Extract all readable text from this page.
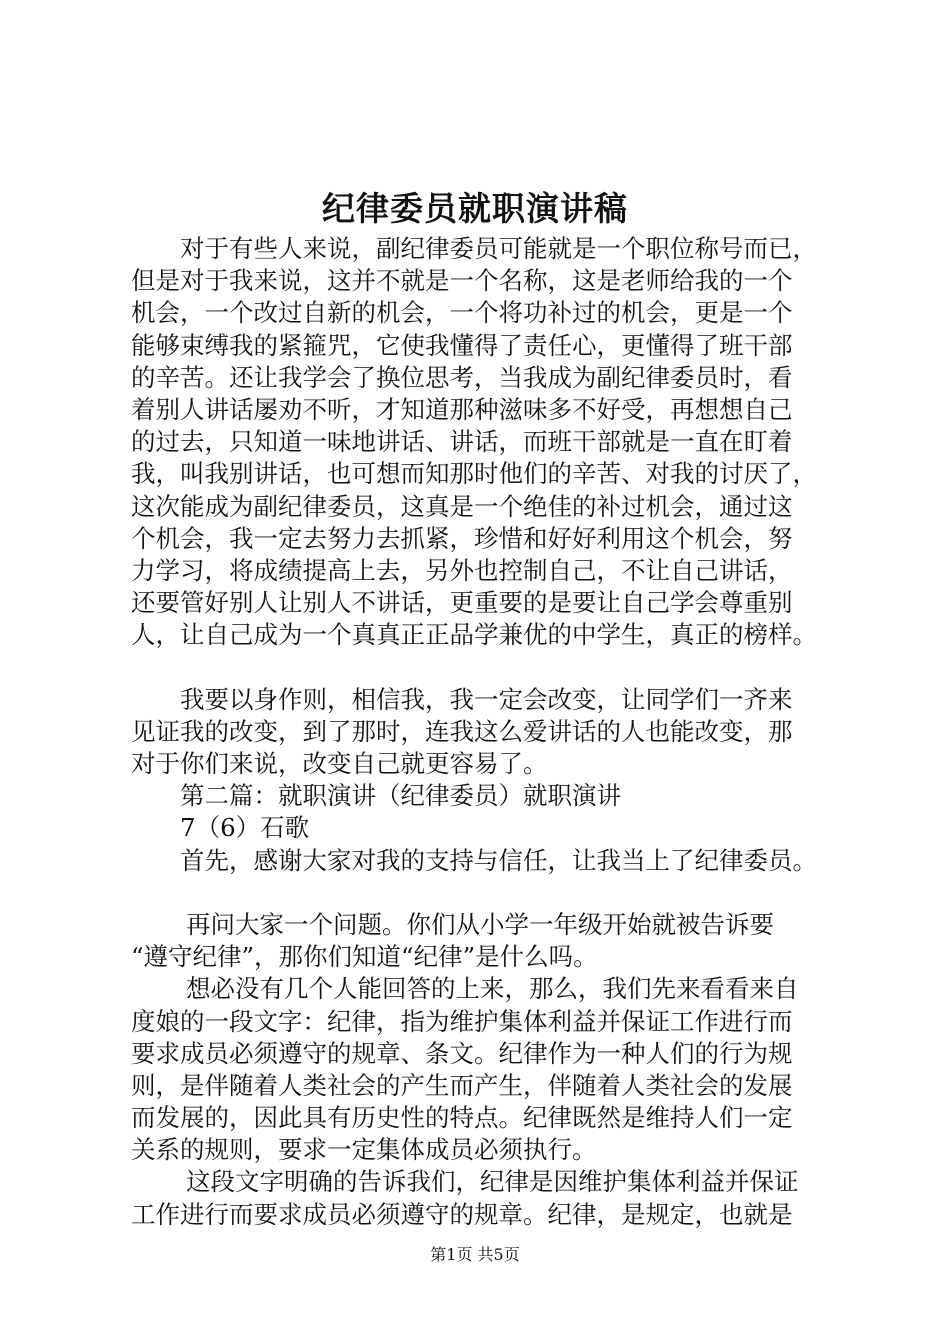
纪律委员就职演讲稿
对于有些人来说，副纪律委员可能就是一个职位称号而已，
但是对于我来说，这并不就是一个名称，这是老师给我的一个
机会，一个改过自新的机会，一个将功补过的机会，更是一个
能够束缚我的紧箍咒，它使我懂得了责任心，更懂得了班干部
的辛苦。还让我学会了换位思考，当我成为副纪律委员时，看
着别人讲话屡劝不听，才知道那种滋味多不好受，再想想自己
的过去，只知道一味地讲话、讲话，而班干部就是一直在盯着
我，叫我别讲话，也可想而知那时他们的辛苦、对我的讨厌了，
这次能成为副纪律委员，这真是一个绝佳的补过机会，通过这
个机会，我一定去努力去抓紧，珍惜和好好利用这个机会，努
力学习，将成绩提高上去，另外也控制自己，不让自己讲话，
还要管好别人让别人不讲话，更重要的是要让自己学会尊重别
人，让自己成为一个真真正正品学兼优的中学生，真正的榜样。
我要以身作则，相信我，我一定会改变，让同学们一齐来
见证我的改变，到了那时，连我这么爱讲话的人也能改变，那
对于你们来说，改变自己就更容易了。
第二篇：就职演讲（纪律委员）就职演讲
7（6）石歌
首先，感谢大家对我的支持与信任，让我当上了纪律委员。
再问大家一个问题。你们从小学一年级开始就被告诉要
“遵守纪律”，那你们知道“纪律”是什么吗。
想必没有几个人能回答的上来，那么，我们先来看看来自
度娘的一段文字：纪律，指为维护集体利益并保证工作进行而
要求成员必须遵守的规章、条文。纪律作为一种人们的行为规
则，是伴随着人类社会的产生而产生，伴随着人类社会的发展
而发展的，因此具有历史性的特点。纪律既然是维持人们一定
关系的规则，要求一定集体成员必须执行。
这段文字明确的告诉我们，纪律是因维护集体利益并保证
工作进行而要求成员必须遵守的规章。纪律，是规定，也就是
第1页 共5页
